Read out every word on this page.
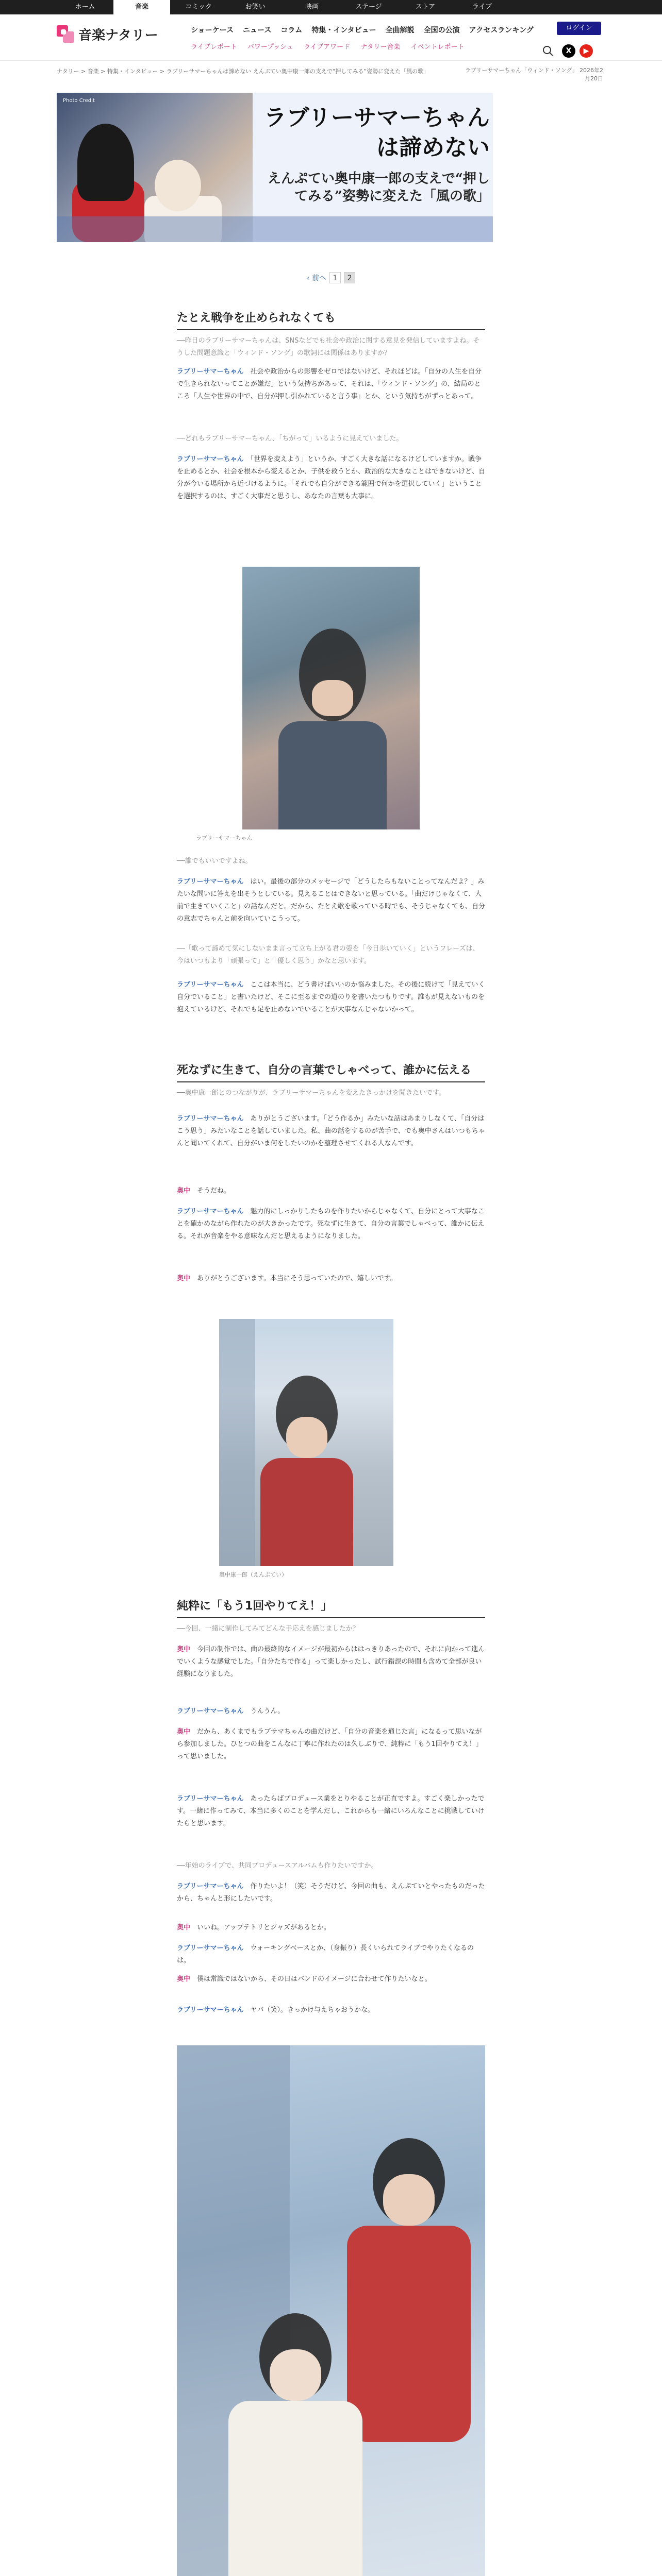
ホーム	音楽	コミック	お笑い	映画	ステージ	ストア	ライブ
音楽ナタリー	ショーケース ニュース コラム 特集・インタビュー 全曲解説 全国の公演 アクセスランキング
ライブレポート パワープッシュ ライブアワード ナタリー音楽 イベントレポート
ログイン
X	▶
ナタリー > 音楽 > 特集・インタビュー > ラブリーサマーちゃんは諦めない えんぷてい奥中康一郎の支えで“押してみる”姿勢に変えた「風の歌」	ラブリーサマーちゃん「ウィンド・ソング」 2026年2月20日
Photo Credit
ラブリーサマーちゃんは諦めない
えんぷてい奥中康一郎の支えで“押してみる”姿勢に変えた「風の歌」
‹ 前へ 1	2
たとえ戦争を止められなくても

──昨日のラブリーサマーちゃんは、SNSなどでも社会や政治に関する意見を発信していますよね。そうした問題意識と「ウィンド・ソング」の歌詞には関係はありますか？

ラブリーサマーちゃん　 社会や政治からの影響をゼロではないけど、それほどは。「自分の人生を自分で生きられないってことが嫌だ」という気持ちがあって、それは、「ウィンド・ソング」の、結局のところ「人生や世界の中で、自分が押し引かれていると言う事」とか、という気持ちがずっとあって。

──どれもラブリーサマーちゃん、「ちがって」いるように見えていました。

ラブリーサマーちゃん　 「世界を変えよう」というか、すごく大きな話になるけどしていますか。戦争を止めるとか、社会を根本から変えるとか、子供を救うとか、政治的な大きなことはできないけど、自分が今いる場所から近づけるように。「それでも自分ができる範囲で何かを選択していく」ということを選択するのは、すごく大事だと思うし、あなたの言葉も大事に。

ラブリーサマーちゃん

──誰でもいいですよね。

ラブリーサマーちゃん　 はい。最後の部分のメッセージで「どうしたらもないことってなんだよ？」みたいな問いに答えを出そうとしている。見えることはできないと思っている。「曲だけじゃなくて、人前で生きていくこと」の話なんだと。だから、たとえ歌を歌っている時でも、そうじゃなくても、自分の意志でちゃんと前を向いていこうって。

──「歌って諦めて気にしないまま言って立ち上がる君の姿を「今日歩いていく」というフレーズは、今はいつもより「頑張って」と「優しく思う」かなと思います。

ラブリーサマーちゃん　 ここは本当に、どう書けばいいのか悩みました。その後に続けて「見えていく自分でいること」と書いたけど、そこに至るまでの道のりを書いたつもりです。誰もが見えないものを抱えているけど、それでも足を止めないでいることが大事なんじゃないかって。

死なずに生きて、自分の言葉でしゃべって、誰かに伝える

──奥中康一郎とのつながりが、ラブリーサマーちゃんを変えたきっかけを聞きたいです。

ラブリーサマーちゃん　 ありがとうございます。「どう作るか」みたいな話はあまりしなくて、「自分はこう思う」みたいなことを話していました。私、曲の話をするのが苦手で、でも奥中さんはいつもちゃんと聞いてくれて、自分がいま何をしたいのかを整理させてくれる人なんです。

奥中　 そうだね。

ラブリーサマーちゃん　 魅力的にしっかりしたものを作りたいからじゃなくて、自分にとって大事なことを確かめながら作れたのが大きかったです。死なずに生きて、自分の言葉でしゃべって、誰かに伝える。それが音楽をやる意味なんだと思えるようになりました。

奥中　 ありがとうございます。本当にそう思っていたので、嬉しいです。

奥中康一郎（えんぷてい）
純粋に「もう1回やりてえ！」

──今回、一緒に制作してみてどんな手応えを感じましたか？

奥中　 今回の制作では、曲の最終的なイメージが最初からははっきりあったので、それに向かって進んでいくような感覚でした。「自分たちで作る」って楽しかったし、試行錯誤の時間も含めて全部が良い経験になりました。

ラブリーサマーちゃん　 うんうん。

奥中　 だから、あくまでもラブサマちゃんの曲だけど、「自分の音楽を通じた言」になるって思いながら参加しました。ひとつの曲をこんなに丁寧に作れたのは久しぶりで、純粋に「もう1回やりてえ！」って思いました。

ラブリーサマーちゃん　 あったらばプロデュース業をとりやることが正直ですよ。すごく楽しかったです。一緒に作ってみて、本当に多くのことを学んだし、これからも一緒にいろんなことに挑戦していけたらと思います。

──年始のライブで、共同プロデュースアルバムも作りたいですか。

ラブリーサマーちゃん　 作りたいよ！（笑）そうだけど、今回の曲も、えんぷていとやったものだったから、ちゃんと形にしたいです。

奥中　 いいね。アップテトリとジャズがあるとか。

ラブリーサマーちゃん　 ウォーキングベースとか、（身振り）長くいられてライブでやりたくなるのは。

奥中　 僕は常識ではないから、その日はバンドのイメージに合わせて作りたいなと。

ラブリーサマーちゃん　 ヤバ（笑）。きっかけ与えちゃおうかな。
